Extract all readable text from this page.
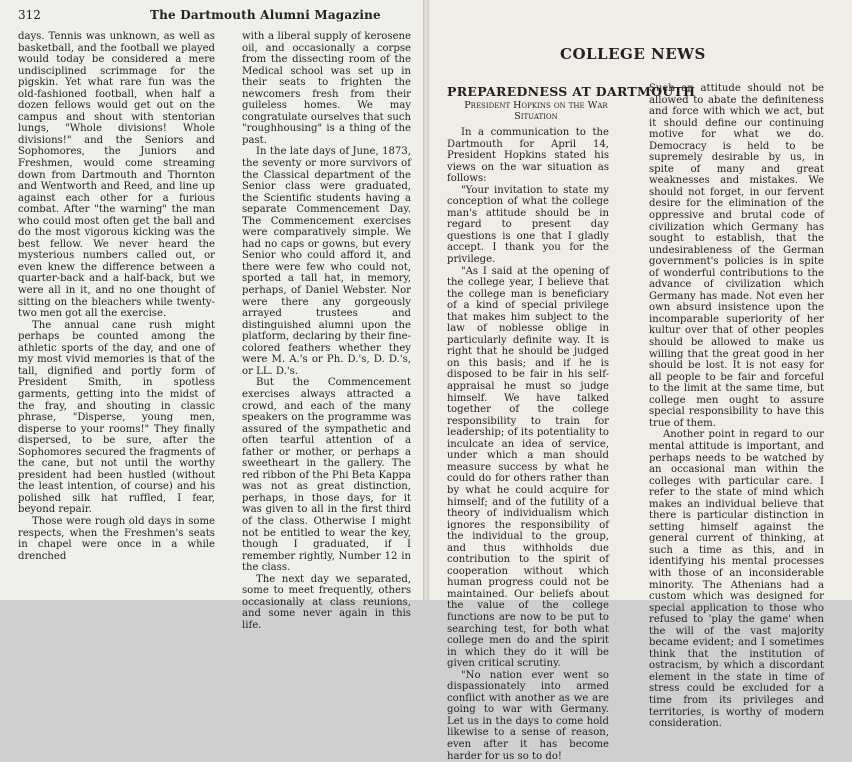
312	The Dartmouth Alumni Magazine

days. Tennis was unknown, as well as basketball, and the football we played would today be considered a mere undisciplined scrimmage for the pigskin. Yet what rare fun was the old-fashioned football, when half a dozen fellows would get out on the campus and shout with stentorian lungs, "Whole divisions! Whole divisions!" and the Seniors and Sophomores, the Juniors and Freshmen, would come streaming down from Dartmouth and Thornton and Wentworth and Reed, and line up against each other for a furious combat. After "the warning" the man who could most often get the ball and do the most vigorous kicking was the best fellow. We never heard the mysterious numbers called out, or even knew the difference between a quarter-back and a half-back, but we were all in it, and no one thought of sitting on the bleachers while twenty-two men got all the exercise.

The annual cane rush might perhaps be counted among the athletic sports of the day, and one of my most vivid memories is that of the tall, dignified and portly form of President Smith, in spotless garments, getting into the midst of the fray, and shouting in classic phrase, "Disperse, young men, disperse to your rooms!" They finally dispersed, to be sure, after the Sophomores secured the fragments of the cane, but not until the worthy president had been hustled (without the least intention, of course) and his polished silk hat ruffled, I fear, beyond repair.

Those were rough old days in some respects, when the Freshmen's seats in chapel were once in a while drenched

with a liberal supply of kerosene oil, and occasionally a corpse from the dissecting room of the Medical school was set up in their seats to frighten the newcomers fresh from their guileless homes. We may congratulate ourselves that such "roughhousing" is a thing of the past.

In the late days of June, 1873, the seventy or more survivors of the Classical department of the Senior class were graduated, the Scientific students having a separate Commencement Day. The Commencement exercises were comparatively simple. We had no caps or gowns, but every Senior who could afford it, and there were few who could not, sported a tall hat, in memory, perhaps, of Daniel Webster. Nor were there any gorgeously arrayed trustees and distinguished alumni upon the platform, declaring by their fine-colored feathers whether they were M. A.'s or Ph. D.'s, D. D.'s, or LL. D.'s.

But the Commencement exercises always attracted a crowd, and each of the many speakers on the programme was assured of the sympathetic and often tearful attention of a father or mother, or perhaps a sweetheart in the gallery. The red ribbon of the Phi Beta Kappa was not as great distinction, perhaps, in those days, for it was given to all in the first third of the class. Otherwise I might not be entitled to wear the key, though I graduated, if I remember rightly, Number 12 in the class.

The next day we separated, some to meet frequently, others occasionally at class reunions, and some never again in this life.

COLLEGE NEWS
PREPAREDNESS AT DARTMOUTH
President Hopkins on the War Situation

In a communication to the Dartmouth for April 14, President Hopkins stated his views on the war situation as follows:

"Your invitation to state my conception of what the college man's attitude should be in regard to present day questions is one that I gladly accept. I thank you for the privilege.

"As I said at the opening of the college year, I believe that the college man is beneficiary of a kind of special privilege that makes him subject to the law of noblesse oblige in particularly definite way. It is right that he should be judged on this basis; and if he is disposed to be fair in his self-appraisal he must so judge himself. We have talked together of the college responsibility to train for leadership; of its potentiality to inculcate an idea of service, under which a man should measure success by what he could do for others rather than by what he could acquire for himself; and of the futility of a theory of individualism which ignores the responsibility of the individual to the group, and thus withholds due contribution to the spirit of cooperation without which human progress could not be maintained. Our beliefs about the value of the college functions are now to be put to searching test, for both what college men do and the spirit in which they do it will be given critical scrutiny.

"No nation ever went so dispassionately into armed conflict with another as we are going to war with Germany. Let us in the days to come hold likewise to a sense of reason, even after it has become harder for us so to do!

Such an attitude should not be allowed to abate the definiteness and force with which we act, but it should define our continuing motive for what we do. Democracy is held to be supremely desirable by us, in spite of many and great weaknesses and mistakes. We should not forget, in our fervent desire for the elimination of the oppressive and brutal code of civilization which Germany has sought to establish, that the undesirableness of the German government's policies is in spite of wonderful contributions to the advance of civilization which Germany has made. Not even her own absurd insistence upon the incomparable superiority of her kultur over that of other peoples should be allowed to make us willing that the great good in her should be lost. It is not easy for all people to be fair and forceful to the limit at the same time, but college men ought to assure special responsibility to have this true of them.

Another point in regard to our mental attitude is important, and perhaps needs to be watched by an occasional man within the colleges with particular care. I refer to the state of mind which makes an individual believe that there is particular distinction in setting himself against the general current of thinking, at such a time as this, and in identifying his mental processes with those of an inconsiderable minority. The Athenians had a custom which was designed for special application to those who refused to 'play the game' when the will of the vast majority became evident; and I sometimes think that the institution of ostracism, by which a discordant element in the state in time of stress could be excluded for a time from its privileges and territories, is worthy of modern consideration.
